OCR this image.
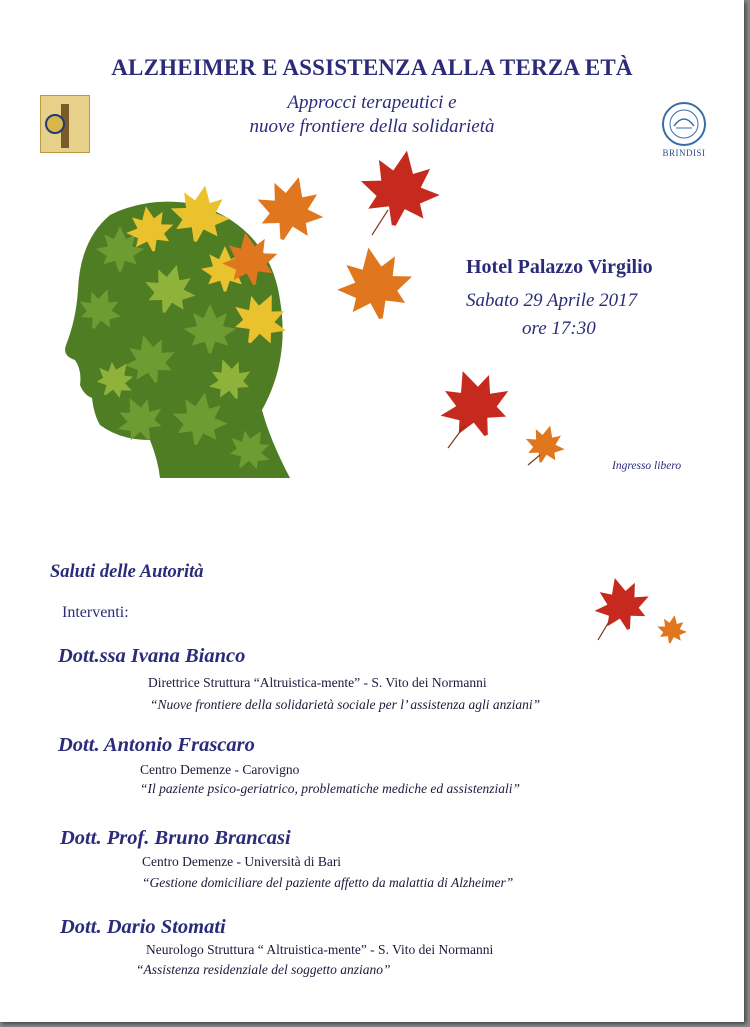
ALZHEIMER E ASSISTENZA ALLA TERZA ETÀ
Approcci terapeutici e
nuove frontiere della solidarietà
BRINDISI
Hotel Palazzo Virgilio
Sabato 29 Aprile 2017
ore 17:30
Ingresso libero
Saluti delle Autorità
Interventi:
Dott.ssa Ivana Bianco
Direttrice Struttura “Altruistica-mente” - S. Vito dei Normanni
“Nuove frontiere della solidarietà sociale per l’ assistenza agli anziani”
Dott. Antonio Frascaro
Centro Demenze - Carovigno
“Il paziente psico-geriatrico, problematiche mediche ed assistenziali”
Dott. Prof. Bruno Brancasi
Centro Demenze - Università di Bari
“Gestione domiciliare del paziente affetto da malattia di Alzheimer”
Dott. Dario Stomati
Neurologo Struttura “ Altruistica-mente” - S. Vito dei Normanni
“Assistenza residenziale del soggetto anziano”
